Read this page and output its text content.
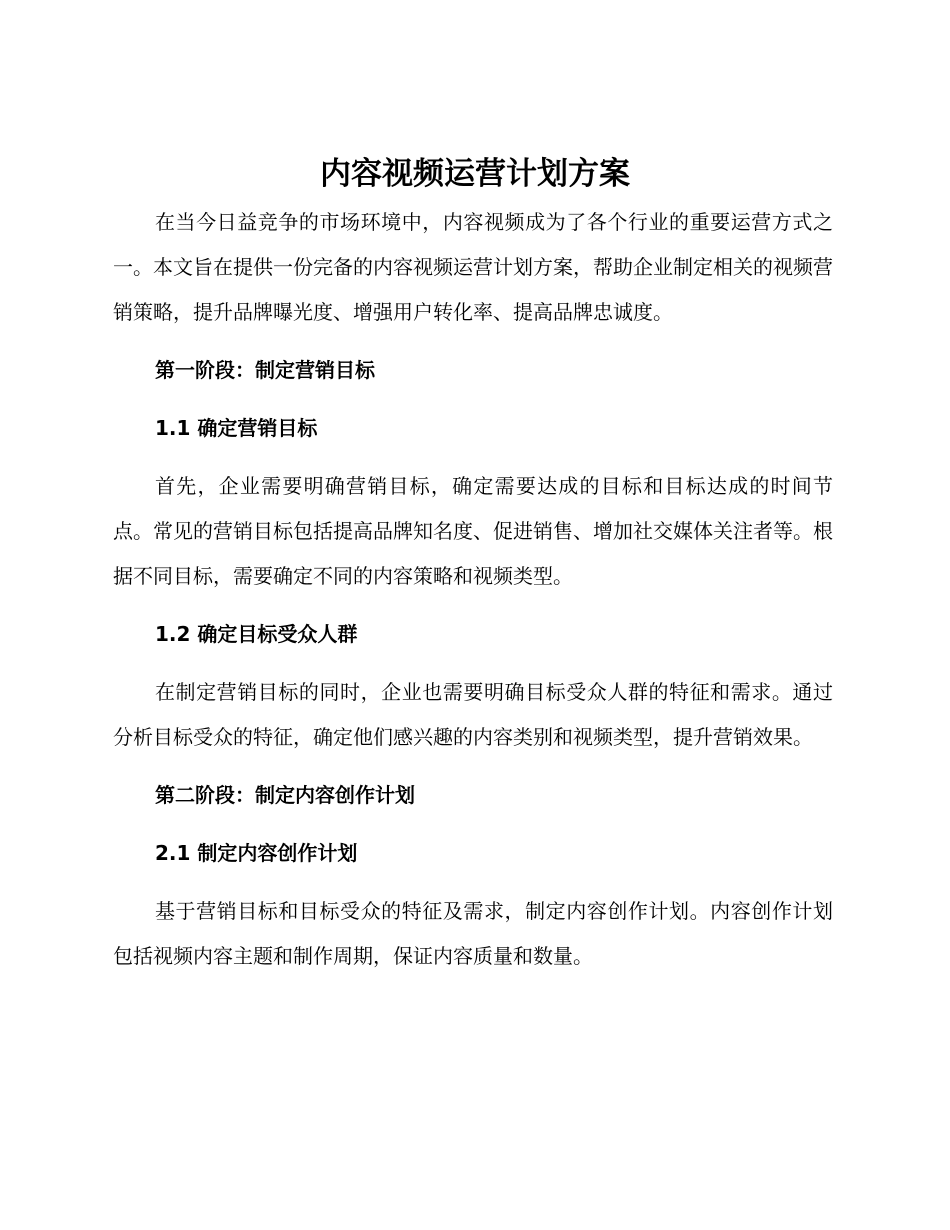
内容视频运营计划方案

在当今日益竞争的市场环境中，内容视频成为了各个行业的重要运营方式之一。本文旨在提供一份完备的内容视频运营计划方案，帮助企业制定相关的视频营销策略，提升品牌曝光度、增强用户转化率、提高品牌忠诚度。

第一阶段：制定营销目标

1.1 确定营销目标

首先，企业需要明确营销目标，确定需要达成的目标和目标达成的时间节点。常见的营销目标包括提高品牌知名度、促进销售、增加社交媒体关注者等。根据不同目标，需要确定不同的内容策略和视频类型。

1.2 确定目标受众人群

在制定营销目标的同时，企业也需要明确目标受众人群的特征和需求。通过分析目标受众的特征，确定他们感兴趣的内容类别和视频类型，提升营销效果。

第二阶段：制定内容创作计划

2.1 制定内容创作计划

基于营销目标和目标受众的特征及需求，制定内容创作计划。内容创作计划包括视频内容主题和制作周期，保证内容质量和数量。
